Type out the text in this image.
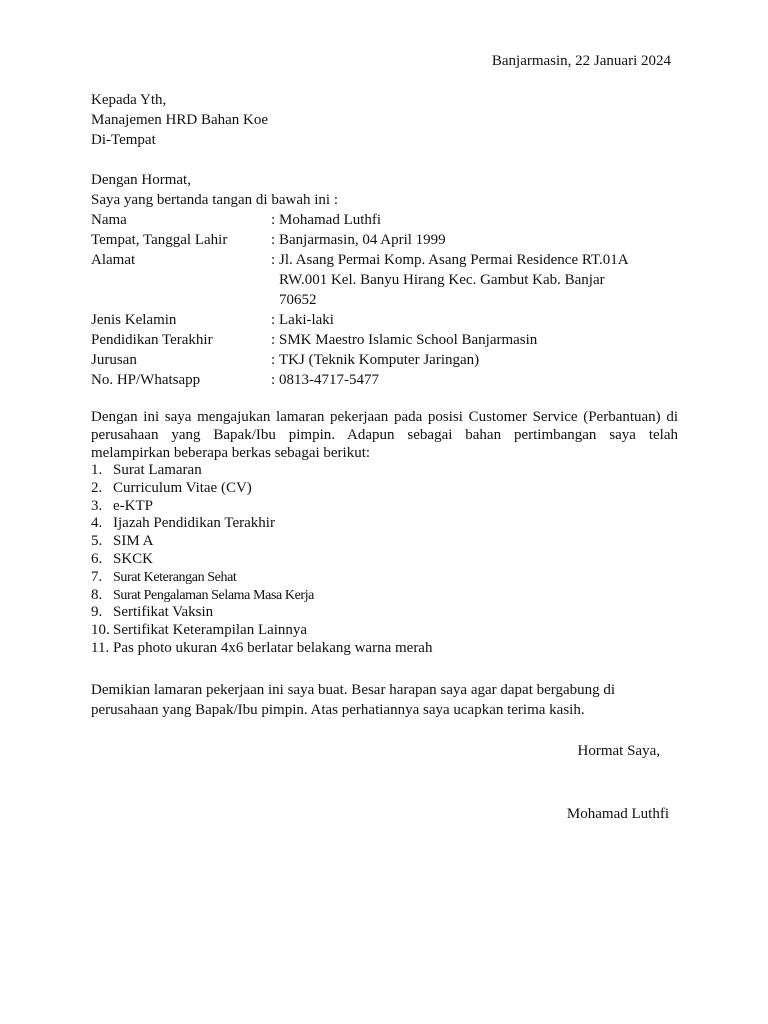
Banjarmasin, 22 Januari 2024
Kepada Yth,
Manajemen HRD Bahan Koe
Di-Tempat
Dengan Hormat,
Saya yang bertanda tangan di bawah ini :
Nama	: Mohamad Luthfi
Tempat, Tanggal Lahir	: Banjarmasin, 04 April 1999
Alamat	: Jl. Asang Permai Komp. Asang Permai Residence RT.01A
RW.001 Kel. Banyu Hirang Kec. Gambut Kab. Banjar
70652
Jenis Kelamin	: Laki-laki
Pendidikan Terakhir	: SMK Maestro Islamic School Banjarmasin
Jurusan	: TKJ (Teknik Komputer Jaringan)
No. HP/Whatsapp	: 0813-4717-5477
Dengan ini saya mengajukan lamaran pekerjaan pada posisi Customer Service (Perbantuan) di perusahaan yang Bapak/Ibu pimpin. Adapun sebagai bahan pertimbangan saya telah melampirkan beberapa berkas sebagai berikut:
1. Surat Lamaran
2. Curriculum Vitae (CV)
3. e-KTP
4. Ijazah Pendidikan Terakhir
5. SIM A
6. SKCK
7. Surat Keterangan Sehat
8. Surat Pengalaman Selama Masa Kerja
9. Sertifikat Vaksin
10. Sertifikat Keterampilan Lainnya
11. Pas photo ukuran 4x6 berlatar belakang warna merah
Demikian lamaran pekerjaan ini saya buat. Besar harapan saya agar dapat bergabung di perusahaan yang Bapak/Ibu pimpin. Atas perhatiannya saya ucapkan terima kasih.
Hormat Saya,
Mohamad Luthfi
